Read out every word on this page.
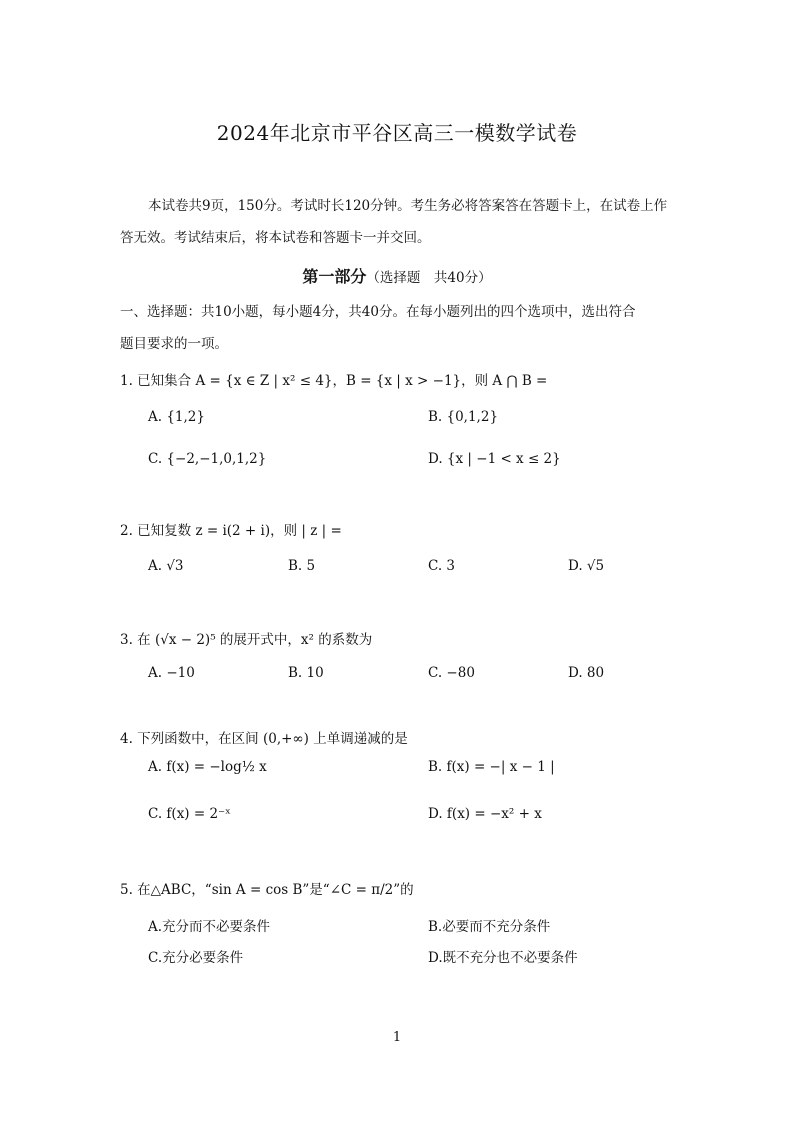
2024年北京市平谷区高三一模数学试卷
本试卷共9页，150分。考试时长120分钟。考生务必将答案答在答题卡上，在试卷上作答无效。考试结束后，将本试卷和答题卡一并交回。
第一部分（选择题　共40分）
一、选择题：共10小题，每小题4分，共40分。在每小题列出的四个选项中，选出符合
题目要求的一项。
1. 已知集合 A = {x ∈ Z | x² ≤ 4}，B = {x | x > −1}，则 A ⋂ B =
A. {1,2}	B. {0,1,2}
C. {−2,−1,0,1,2}	D. {x | −1 < x ≤ 2}
2. 已知复数 z = i(2 + i)，则 | z | =
A. √3	B. 5	C. 3	D. √5
3. 在 (√x − 2)⁵ 的展开式中，x² 的系数为
A. −10	B. 10	C. −80	D. 80
4. 下列函数中，在区间 (0,+∞) 上单调递减的是
A. f(x) = −log½ x	B. f(x) = −| x − 1 |
C. f(x) = 2⁻ˣ	D. f(x) = −x² + x
5. 在△ABC，“sin A = cos B”是“∠C = π/2”的
A.充分而不必要条件	B.必要而不充分条件
C.充分必要条件	D.既不充分也不必要条件
1
